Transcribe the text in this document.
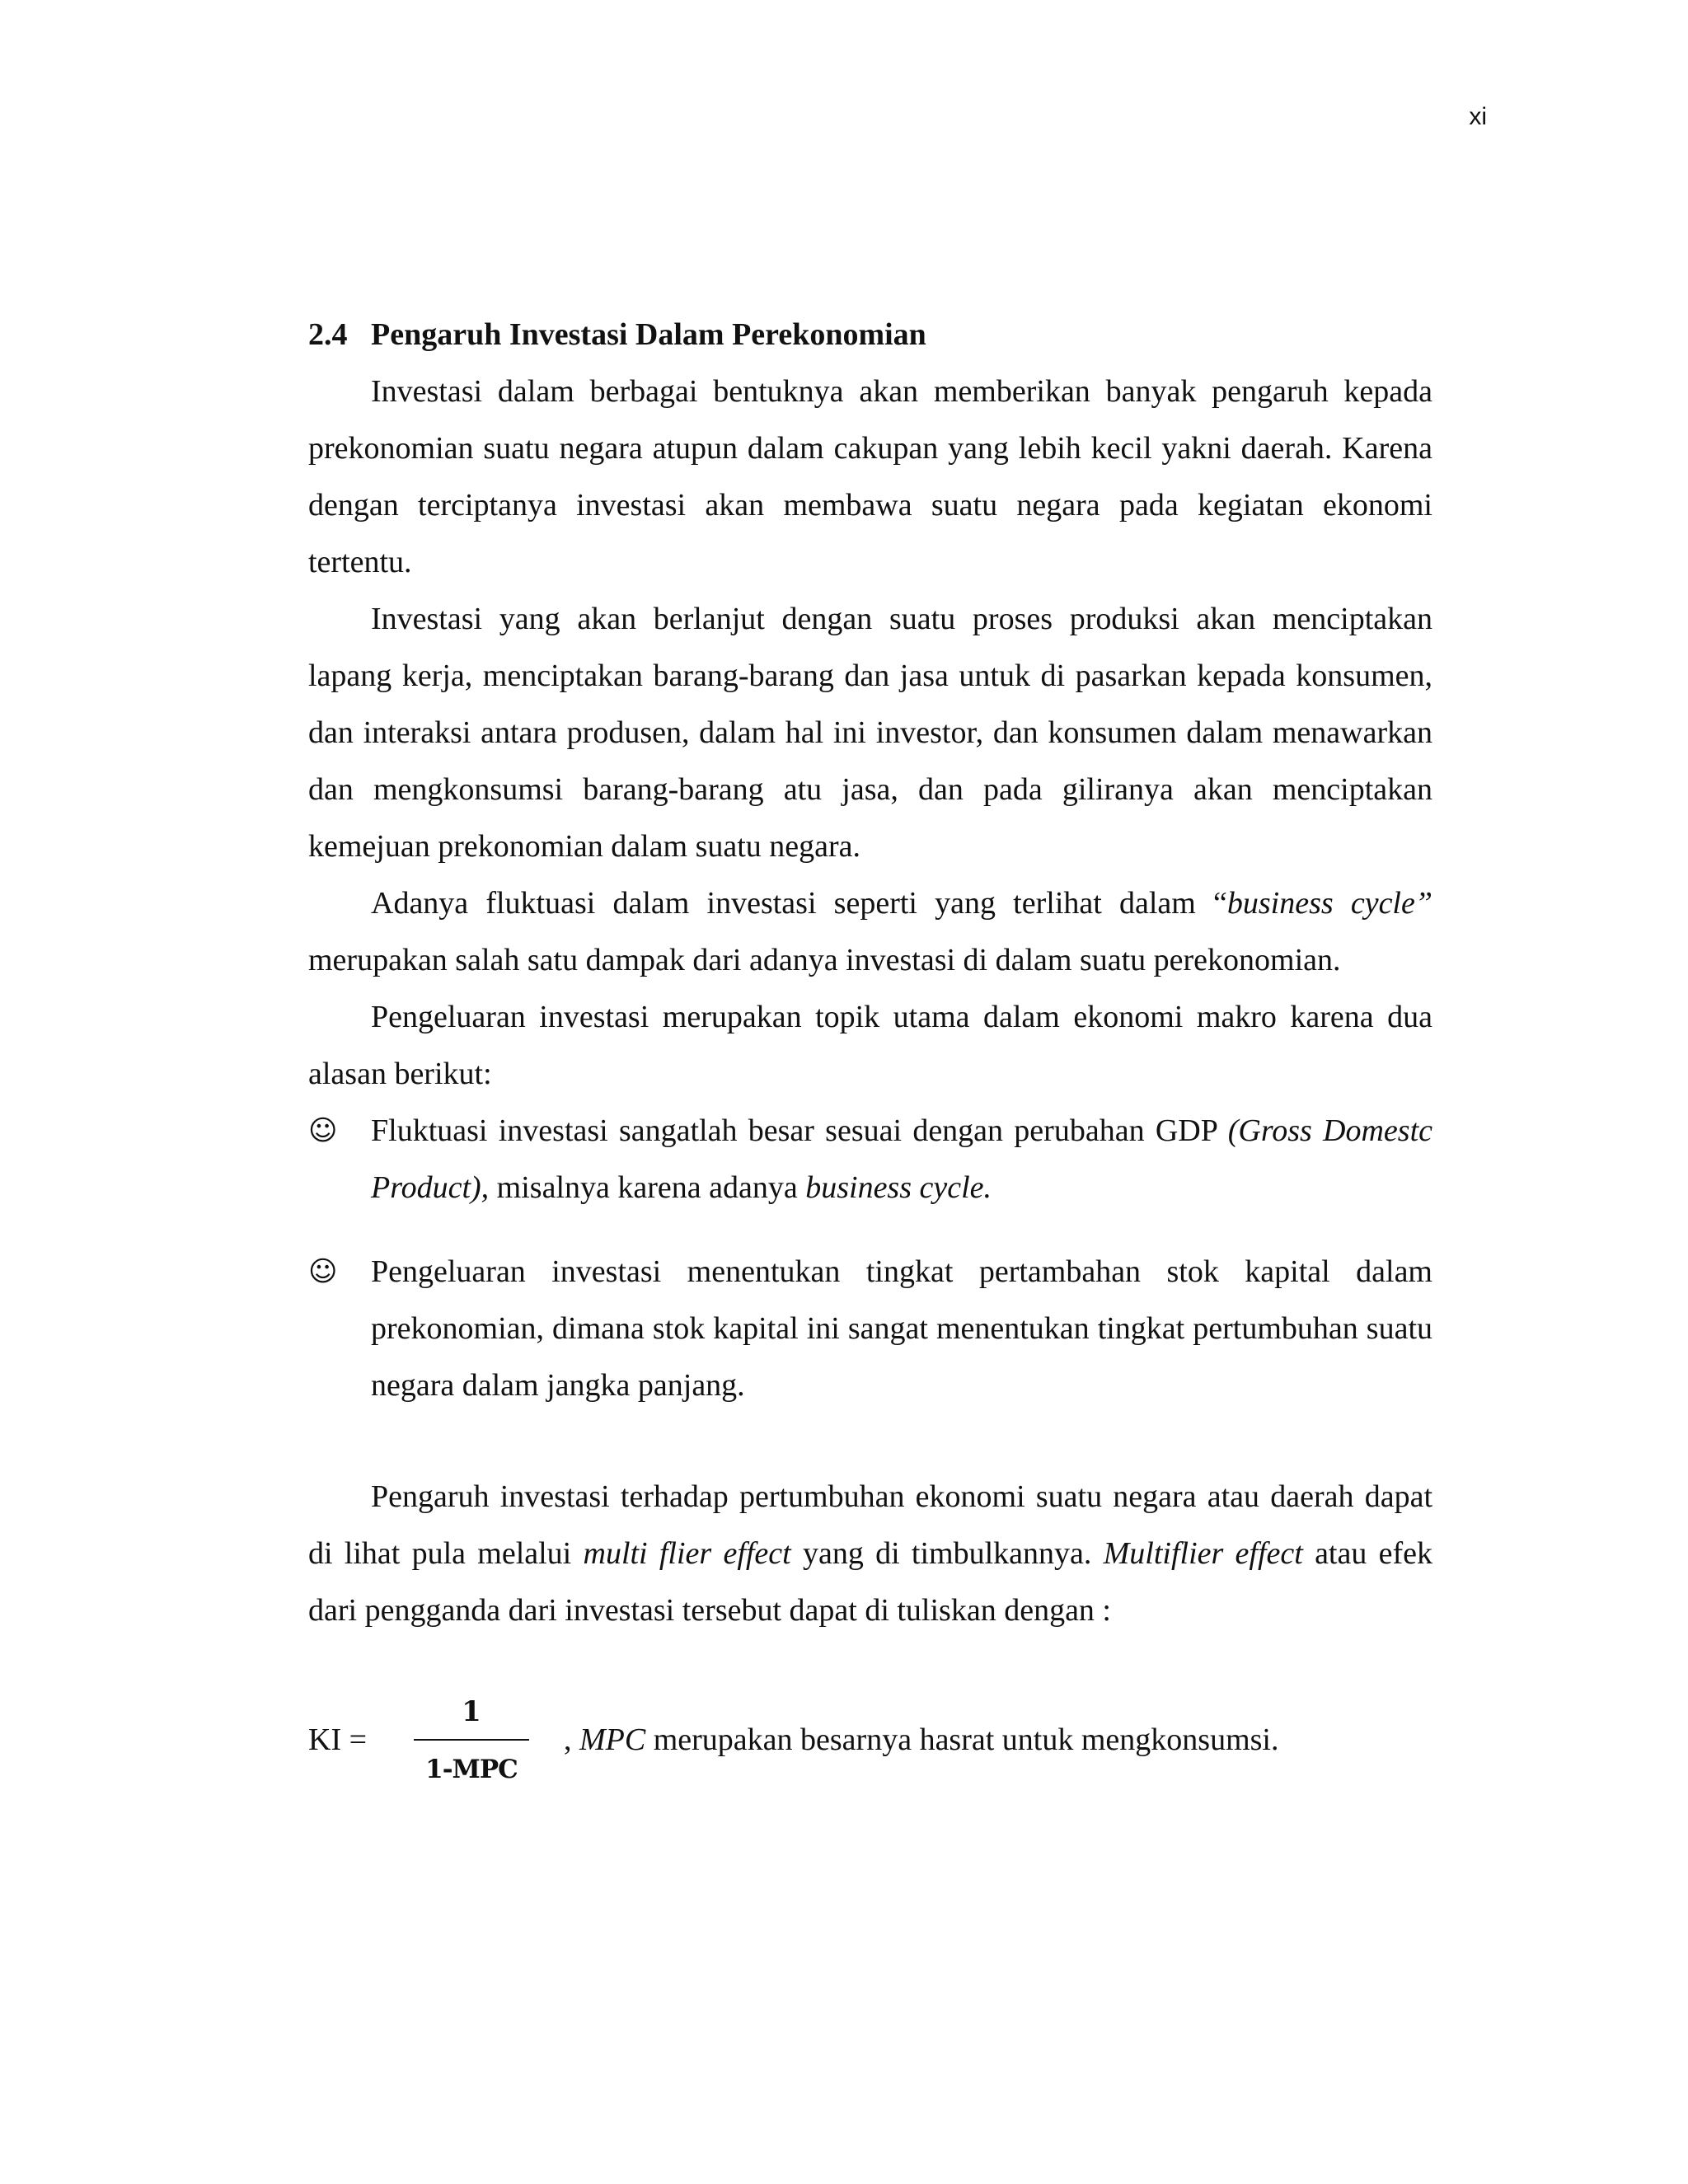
xi
2.4 Pengaruh Investasi Dalam Perekonomian

Investasi dalam berbagai bentuknya akan memberikan banyak pengaruh kepada prekonomian suatu negara atupun dalam cakupan yang lebih kecil yakni daerah. Karena dengan terciptanya investasi akan membawa suatu negara pada kegiatan ekonomi tertentu.

Investasi yang akan berlanjut dengan suatu proses produksi akan menciptakan lapang kerja, menciptakan barang-barang dan jasa untuk di pasarkan kepada konsumen, dan interaksi antara produsen, dalam hal ini investor, dan konsumen dalam menawarkan dan mengkonsumsi barang-barang atu jasa, dan pada giliranya akan menciptakan kemejuan prekonomian dalam suatu negara.

Adanya fluktuasi dalam investasi seperti yang terlihat dalam “business cycle” merupakan salah satu dampak dari adanya investasi di dalam suatu perekonomian.

Pengeluaran investasi merupakan topik utama dalam ekonomi makro karena dua alasan berikut:

☺	Fluktuasi investasi sangatlah besar sesuai dengan perubahan GDP (Gross Domestc Product), misalnya karena adanya business cycle.

☺	Pengeluaran investasi menentukan tingkat pertambahan stok kapital dalam prekonomian, dimana stok kapital ini sangat menentukan tingkat pertumbuhan suatu negara dalam jangka panjang.

Pengaruh investasi terhadap pertumbuhan ekonomi suatu negara atau daerah dapat di lihat pula melalui multi flier effect yang di timbulkannya. Multiflier effect atau efek dari pengganda dari investasi tersebut dapat di tuliskan dengan :

KI =	$\frac{1}{\text{1-MPC}}$ , MPC merupakan besarnya hasrat untuk mengkonsumsi.
